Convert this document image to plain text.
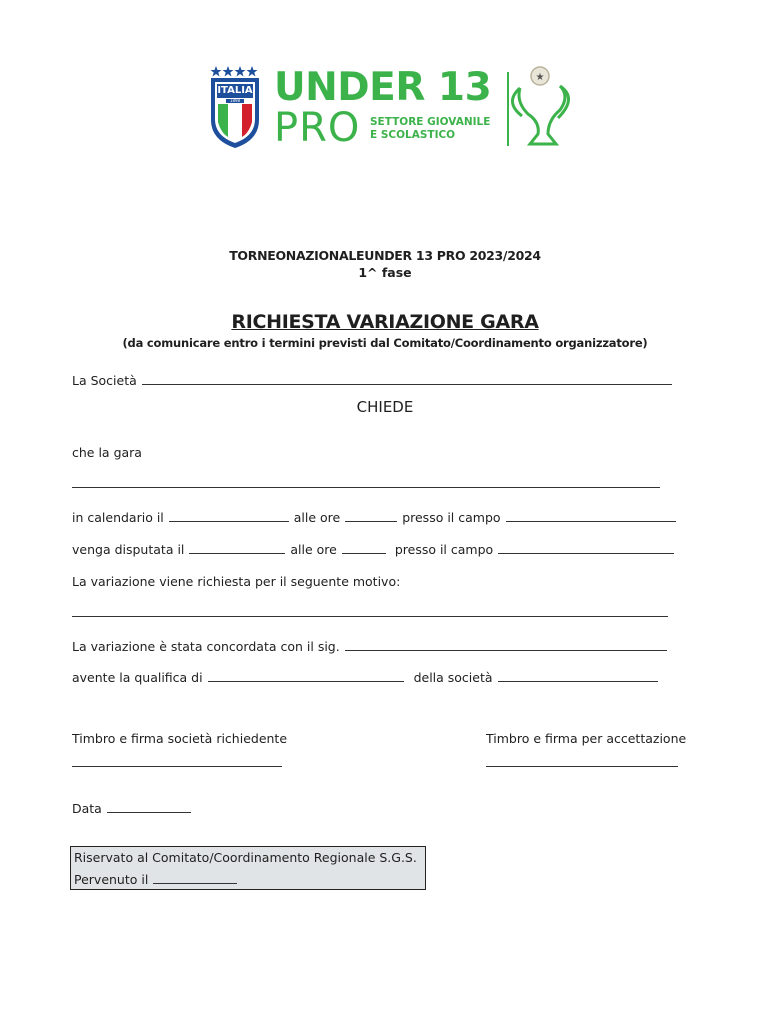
★
ITALIA
1898 UNDER 13
PRO SETTORE GIOVANILE
E SCOLASTICO
TORNEONAZIONALEUNDER 13 PRO 2023/2024
1^ fase
RICHIESTA VARIAZIONE GARA
(da comunicare entro i termini previsti dal Comitato/Coordinamento organizzatore)
La Società
CHIEDE
che la gara
in calendario il	alle ore	presso il campo
venga disputata il	alle ore	presso il campo
La variazione viene richiesta per il seguente motivo:
La variazione è stata concordata con il sig.
avente la qualifica di	della società
Timbro e firma società richiedente	Timbro e firma per accettazione
Data
Riservato al Comitato/Coordinamento Regionale S.G.S.
Pervenuto il
